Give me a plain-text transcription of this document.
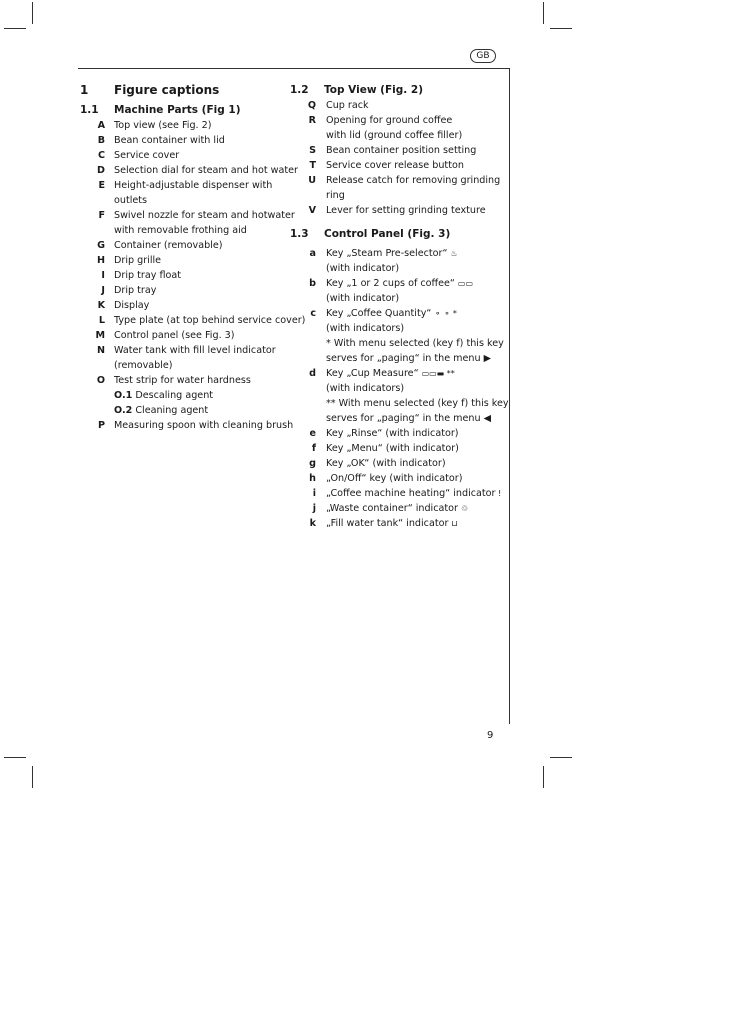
GB
1	Figure captions
1.1	Machine Parts (Fig 1)
A Top view (see Fig. 2)
B Bean container with lid
C Service cover
D Selection dial for steam and hot water
E Height-adjustable dispenser with
outlets
F Swivel nozzle for steam and hotwater
with removable frothing aid
G Container (removable)
H Drip grille
I Drip tray float
J Drip tray
K Display
L Type plate (at top behind service cover)
M Control panel (see Fig. 3)
N Water tank with fill level indicator
(removable)
O Test strip for water hardness
O.1 Descaling agent
O.2 Cleaning agent
P Measuring spoon with cleaning brush
1.2	Top View (Fig. 2)
Q	Cup rack
R	Opening for ground coffee
with lid (ground coffee filler)
S	Bean container position setting
T	Service cover release button
U	Release catch for removing grinding
ring
V	Lever for setting grinding texture
1.3	Control Panel (Fig. 3)
a	Key „Steam Pre-selector“ ♨
(with indicator)
b	Key „1 or 2 cups of coffee“ ▭▭
(with indicator)
c	Key „Coffee Quantity“ ⚬ ⚬ *
(with indicators)
* With menu selected (key f) this key
serves for „paging“ in the menu ▶
d	Key „Cup Measure“ ▭▭▬ **
(with indicators)
** With menu selected (key f) this key
serves for „paging“ in the menu ◀
e	Key „Rinse“ (with indicator)
f	Key „Menu“ (with indicator)
g	Key „OK“ (with indicator)
h	„On/Off“ key (with indicator)
i	„Coffee machine heating“ indicator ǃ
j	„Waste container“ indicator ♲
k	„Fill water tank“ indicator ⊔
9
